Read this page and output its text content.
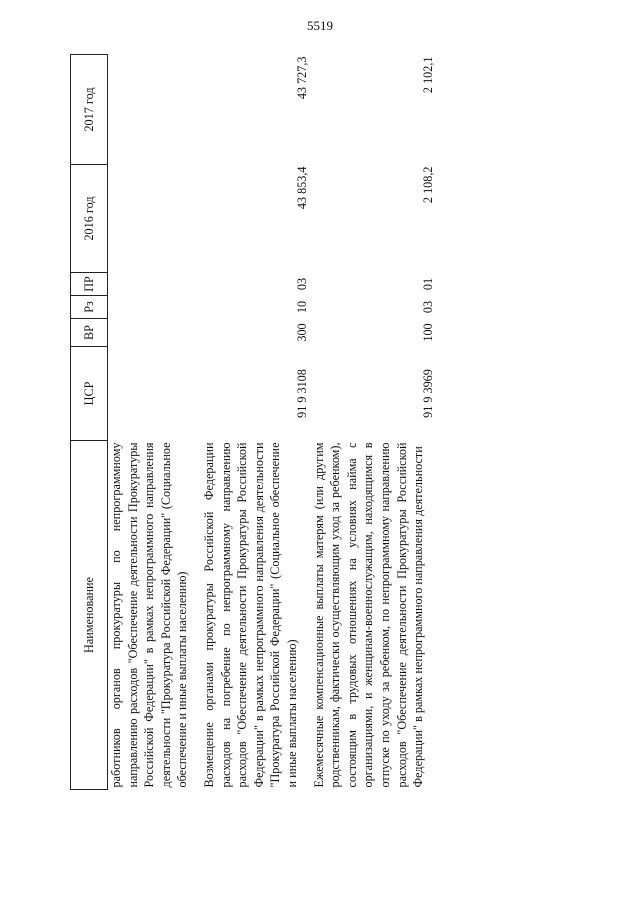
5519
Наименование	ЦСР	ВР	Рз	ПР	2016 год	2017 год
работников органов прокуратуры по непрограммному направлению расходов "Обеспечение деятельности Прокуратуры Российской Федерации" в рамках непрограммного направления деятельности "Прокуратура Российской Федерации" (Социальное обеспечение и иные выплаты населению)						
Возмещение органами прокуратуры Российской Федерации расходов на погребение по непрограммному направлению расходов "Обеспечение деятельности Прокуратуры Российской Федерации" в рамках непрограммного направления деятельности "Прокуратура Российской Федерации" (Социальное обеспечение и иные выплаты населению)	91 9 3108	300	10	03	43 853,4	43 727,3
Ежемесячные компенсационные выплаты матерям (или другим родственникам, фактически осуществляющим уход за ребенком), состоящим в трудовых отношениях на условиях найма с организациями, и женщинам-военнослужащим, находящимся в отпуске по уходу за ребенком, по непрограммному направлению расходов "Обеспечение деятельности Прокуратуры Российской Федерации" в рамках непрограммного направления деятельности	91 9 3969	100	03	01	2 108,2	2 102,1
